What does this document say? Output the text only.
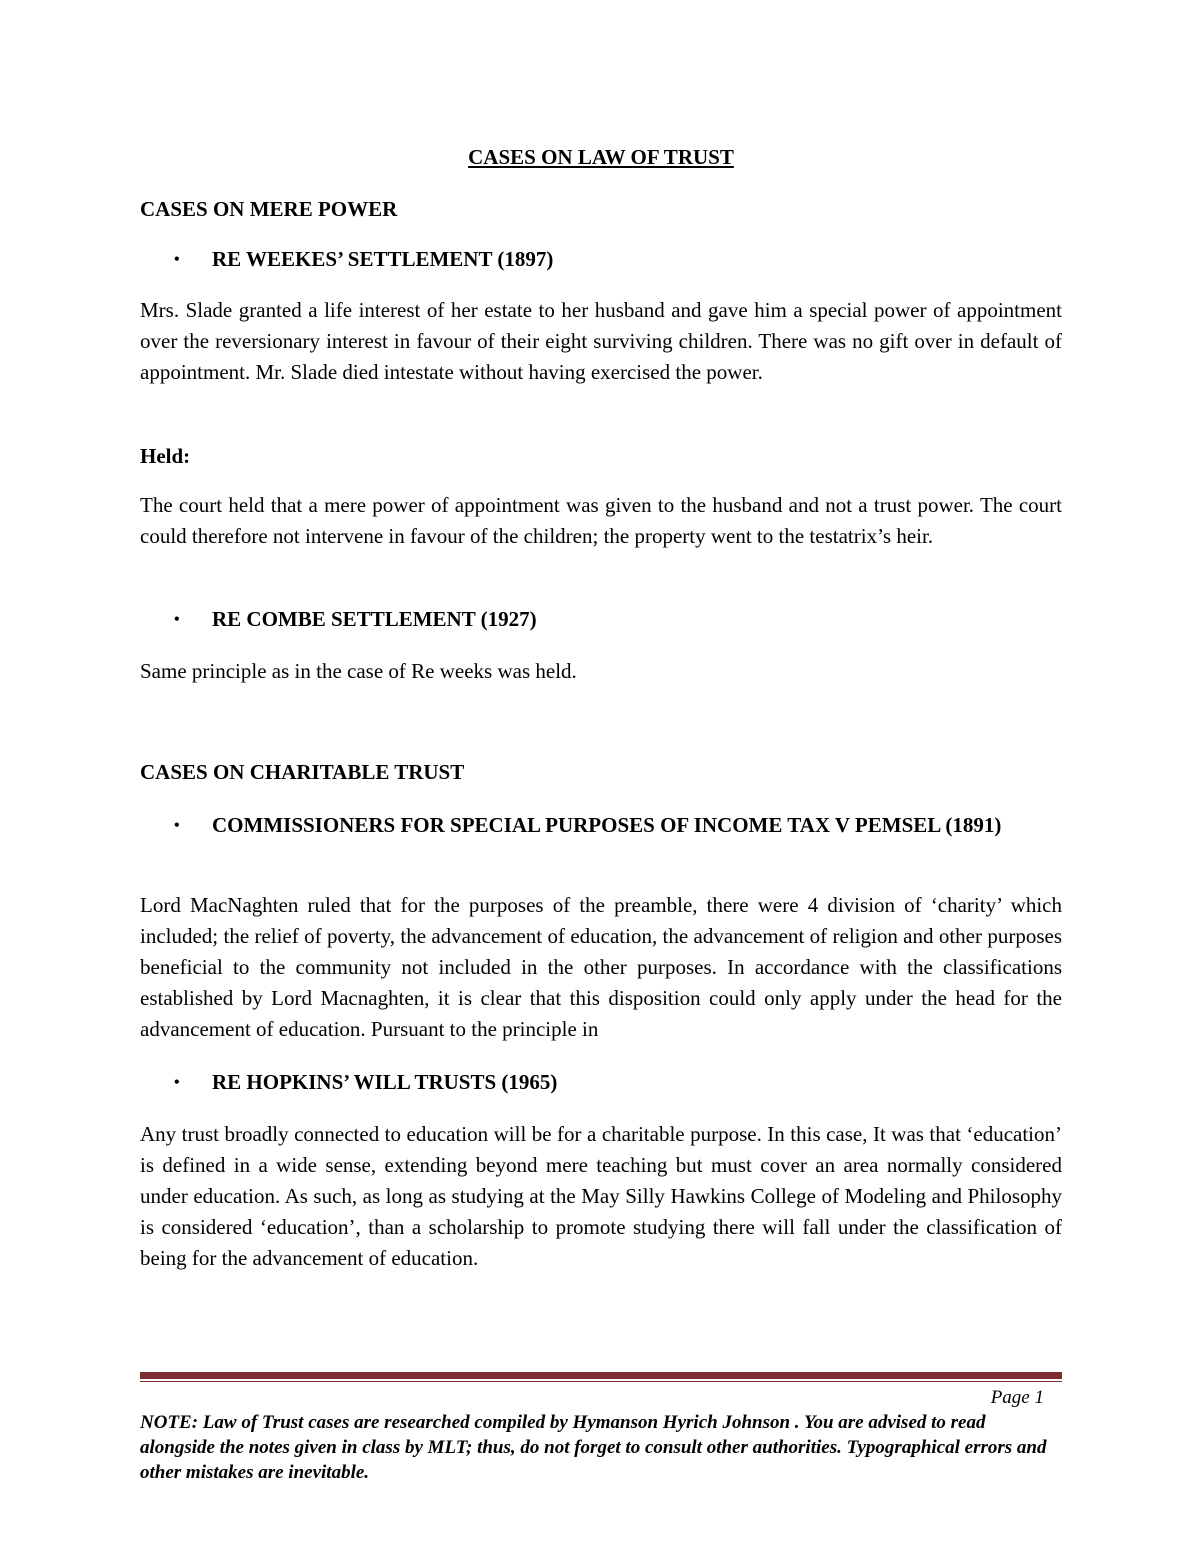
CASES ON LAW OF TRUST
CASES ON MERE POWER
• RE WEEKES’ SETTLEMENT (1897)
Mrs. Slade granted a life interest of her estate to her husband and gave him a special power of appointment over the reversionary interest in favour of their eight surviving children. There was no gift over in default of appointment. Mr. Slade died intestate without having exercised the power.
Held:
The court held that a mere power of appointment was given to the husband and not a trust power. The court could therefore not intervene in favour of the children; the property went to the testatrix’s heir.
• RE COMBE SETTLEMENT (1927)
Same principle as in the case of Re weeks was held.
CASES ON CHARITABLE TRUST
• COMMISSIONERS FOR SPECIAL PURPOSES OF INCOME TAX V PEMSEL (1891)
Lord MacNaghten ruled that for the purposes of the preamble, there were 4 division of ‘charity’ which included; the relief of poverty, the advancement of education, the advancement of religion and other purposes beneficial to the community not included in the other purposes. In accordance with the classifications established by Lord Macnaghten, it is clear that this disposition could only apply under the head for the advancement of education. Pursuant to the principle in
• RE HOPKINS’ WILL TRUSTS (1965)
Any trust broadly connected to education will be for a charitable purpose. In this case, It was that ‘education’ is defined in a wide sense, extending beyond mere teaching but must cover an area normally considered under education. As such, as long as studying at the May Silly Hawkins College of Modeling and Philosophy is considered ‘education’, than a scholarship to promote studying there will fall under the classification of being for the advancement of education.
Page 1
NOTE: Law of Trust cases are researched compiled by Hymanson Hyrich Johnson . You are advised to read alongside the notes given in class by MLT; thus, do not forget to consult other authorities. Typographical errors and other mistakes are inevitable.
